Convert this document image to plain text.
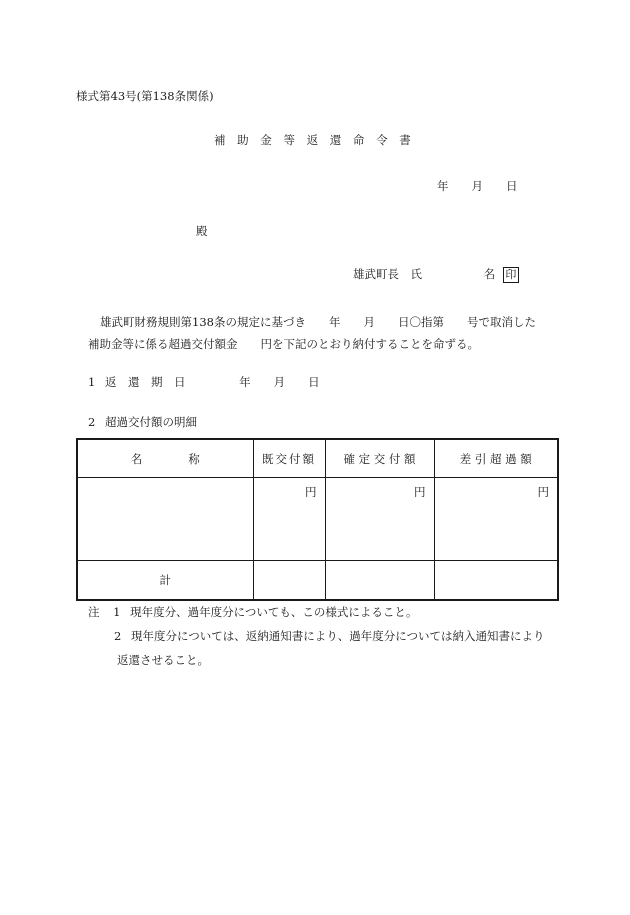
様式第43号(第138条関係)
補 助 金 等 返 還 命 令 書
年　　月　　日
殿
雄武町長　氏	名 印
雄武町財務規則第138条の規定に基づき　　年　　月　　日〇指第　　号で取消した
補助金等に係る超過交付額金　　円を下記のとおり納付することを命ずる。
1 返　還　期　日	年　　月　　日
2 超過交付額の明細
名　　　　称	既交付額	確 定 交 付 額	差 引 超 過 額
	円	円	円
計			
注 1 現年度分、過年度分についても、この様式によること。
2 現年度分については、返納通知書により、過年度分については納入通知書により
返還させること。
